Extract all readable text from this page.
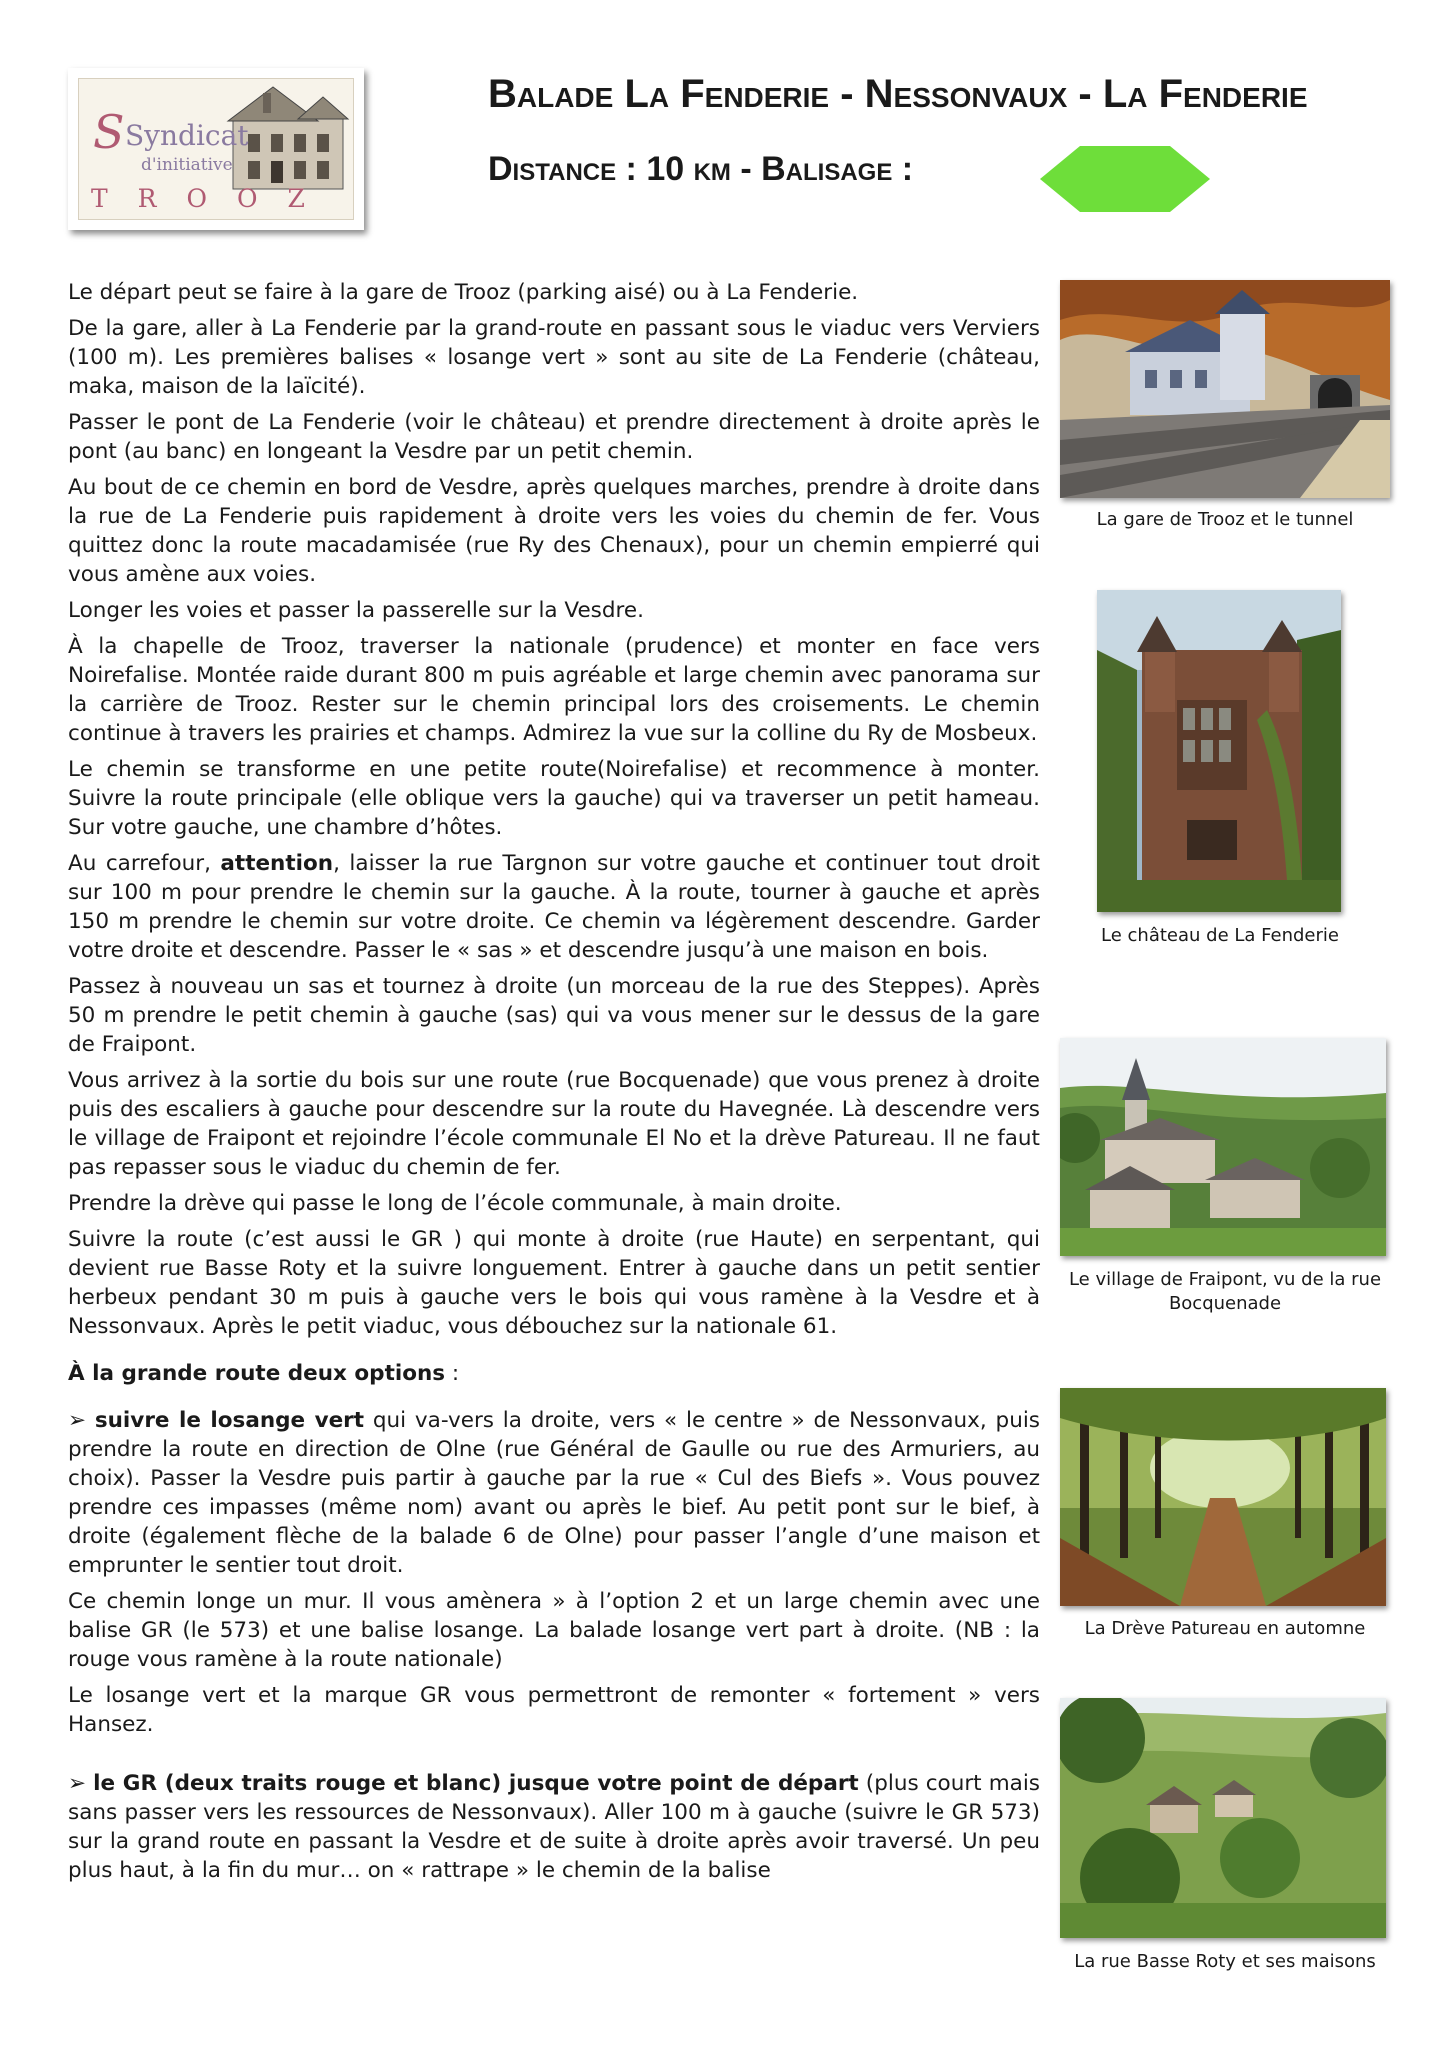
S Syndicat
d'initiative
TROOZ
Balade La Fenderie - Nessonvaux - La Fenderie
Distance : 10 km - Balisage :

Le départ peut se faire à la gare de Trooz (parking aisé) ou à La Fenderie.

De la gare, aller à La Fenderie par la grand-route en passant sous le viaduc vers Verviers (100 m). Les premières balises « losange vert » sont au site de La Fenderie (château, maka, maison de la laïcité).

Passer le pont de La Fenderie (voir le château) et prendre directement à droite après le pont (au banc) en longeant la Vesdre par un petit chemin.

Au bout de ce chemin en bord de Vesdre, après quelques marches, prendre à droite dans la rue de La Fenderie puis rapidement à droite vers les voies du chemin de fer. Vous quittez donc la route macadamisée (rue Ry des Chenaux), pour un chemin empierré qui vous amène aux voies.

Longer les voies et passer la passerelle sur la Vesdre.

À la chapelle de Trooz, traverser la nationale (prudence) et monter en face vers Noirefalise. Montée raide durant 800 m puis agréable et large chemin avec panorama sur la carrière de Trooz. Rester sur le chemin principal lors des croisements. Le chemin continue à travers les prairies et champs. Admirez la vue sur la colline du Ry de Mosbeux.

Le chemin se transforme en une petite route(Noirefalise) et recommence à monter. Suivre la route principale (elle oblique vers la gauche) qui va traverser un petit hameau. Sur votre gauche, une chambre d’hôtes.

Au carrefour, attention, laisser la rue Targnon sur votre gauche et continuer tout droit sur 100 m pour prendre le chemin sur la gauche. À la route, tourner à gauche et après 150 m prendre le chemin sur votre droite. Ce chemin va légèrement descendre. Garder votre droite et descendre. Passer le « sas » et descendre jusqu’à une maison en bois.

Passez à nouveau un sas et tournez à droite (un morceau de la rue des Steppes). Après 50 m prendre le petit chemin à gauche (sas) qui va vous mener sur le dessus de la gare de Fraipont.

Vous arrivez à la sortie du bois sur une route (rue Bocquenade) que vous prenez à droite puis des escaliers à gauche pour descendre sur la route du Havegnée. Là descendre vers le village de Fraipont et rejoindre l’école communale El No et la drève Patureau. Il ne faut pas repasser sous le viaduc du chemin de fer.

Prendre la drève qui passe le long de l’école communale, à main droite.

Suivre la route (c’est aussi le GR ) qui monte à droite (rue Haute) en serpentant, qui devient rue Basse Roty et la suivre longuement. Entrer à gauche dans un petit sentier herbeux pendant 30 m puis à gauche vers le bois qui vous ramène à la Vesdre et à Nessonvaux. Après le petit viaduc, vous débouchez sur la nationale 61.

À la grande route deux options :

➢ suivre le losange vert qui va-vers la droite, vers « le centre » de Nessonvaux, puis prendre la route en direction de Olne (rue Général de Gaulle ou rue des Armuriers, au choix). Passer la Vesdre puis partir à gauche par la rue « Cul des Biefs ». Vous pouvez prendre ces impasses (même nom) avant ou après le bief. Au petit pont sur le bief, à droite (également flèche de la balade 6 de Olne) pour passer l’angle d’une maison et emprunter le sentier tout droit.

Ce chemin longe un mur. Il vous amènera » à l’option 2 et un large chemin avec une balise GR (le 573) et une balise losange. La balade losange vert part à droite. (NB : la rouge vous ramène à la route nationale)

Le losange vert et la marque GR vous permettront de remonter « fortement » vers Hansez.

➢ le GR (deux traits rouge et blanc) jusque votre point de départ (plus court mais sans passer vers les ressources de Nessonvaux). Aller 100 m à gauche (suivre le GR 573) sur la grand route en passant la Vesdre et de suite à droite après avoir traversé. Un peu plus haut, à la fin du mur… on « rattrape » le chemin de la balise

La gare de Trooz et le tunnel
Le château de La Fenderie
Le village de Fraipont, vu de la rue Bocquenade
La Drève Patureau en automne
La rue Basse Roty et ses maisons
